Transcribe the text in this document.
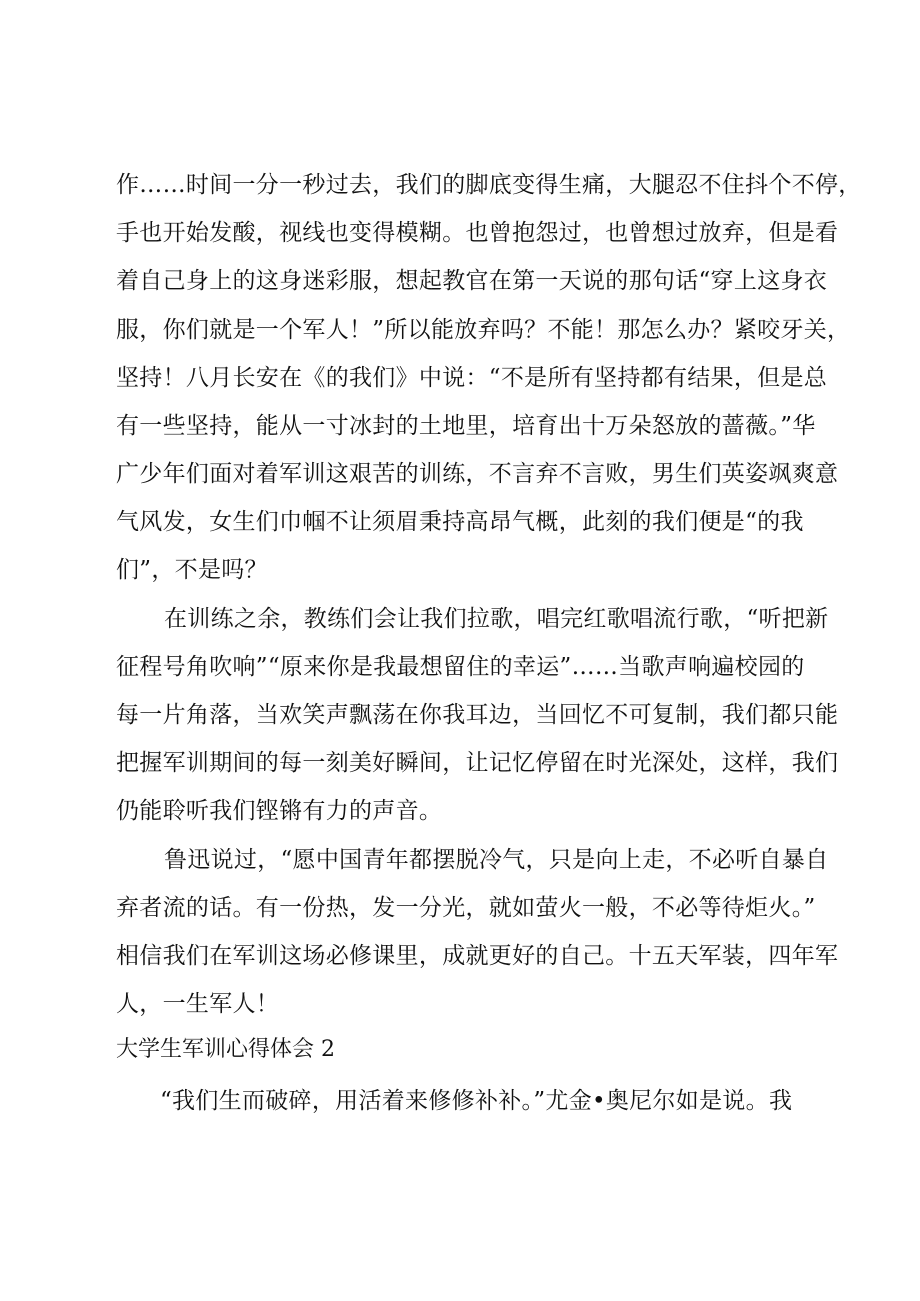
作……时间一分一秒过去，我们的脚底变得生痛，大腿忍不住抖个不停，
手也开始发酸，视线也变得模糊。也曾抱怨过，也曾想过放弃，但是看
着自己身上的这身迷彩服，想起教官在第一天说的那句话“穿上这身衣
服，你们就是一个军人！”所以能放弃吗？不能！那怎么办？紧咬牙关，
坚持！八月长安在《的我们》中说：“不是所有坚持都有结果，但是总
有一些坚持，能从一寸冰封的土地里，培育出十万朵怒放的蔷薇。”华
广少年们面对着军训这艰苦的训练，不言弃不言败，男生们英姿飒爽意
气风发，女生们巾帼不让须眉秉持高昂气概，此刻的我们便是“的我
们”，不是吗？
在训练之余，教练们会让我们拉歌，唱完红歌唱流行歌，“听把新
征程号角吹响”“原来你是我最想留住的幸运”……当歌声响遍校园的
每一片角落，当欢笑声飘荡在你我耳边，当回忆不可复制，我们都只能
把握军训期间的每一刻美好瞬间，让记忆停留在时光深处，这样，我们
仍能聆听我们铿锵有力的声音。
鲁迅说过，“愿中国青年都摆脱冷气，只是向上走，不必听自暴自
弃者流的话。有一份热，发一分光，就如萤火一般，不必等待炬火。”
相信我们在军训这场必修课里，成就更好的自己。十五天军装，四年军
人，一生军人！
大学生军训心得体会 2
“我们生而破碎，用活着来修修补补。”尤金•奥尼尔如是说。我
